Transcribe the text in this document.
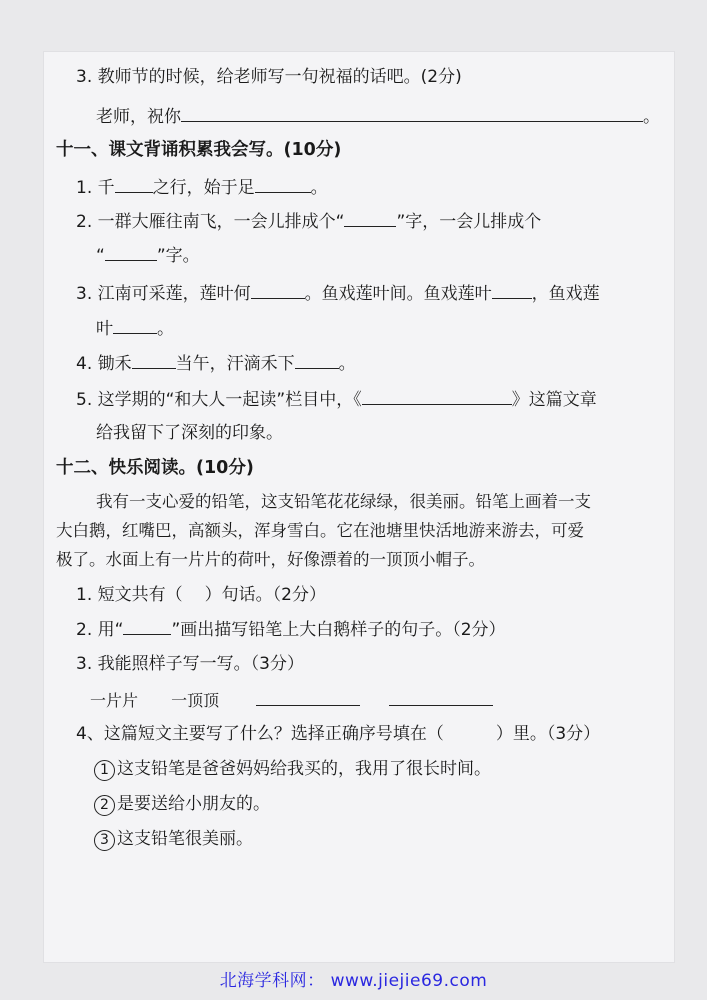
3. 教师节的时候，给老师写一句祝福的话吧。(2分)
老师，祝你	。
十一、课文背诵积累我会写。(10分)
1. 千 之行，始于足	。
2. 一群大雁往南飞，一会儿排成个“	”字，一会儿排成个
“	”字。
3. 江南可采莲，莲叶何	。鱼戏莲叶间。鱼戏莲叶 ，鱼戏莲
叶	。
4. 锄禾	当午，汗滴禾下	。
5. 这学期的“和大人一起读”栏目中，《	》这篇文章
给我留下了深刻的印象。
十二、快乐阅读。(10分)
我有一支心爱的铅笔，这支铅笔花花绿绿，很美丽。铅笔上画着一支
大白鹅，红嘴巴，高额头，浑身雪白。它在池塘里快活地游来游去，可爱
极了。水面上有一片片的荷叶，好像漂着的一顶顶小帽子。
1. 短文共有（ ）句话。（2分）
2. 用“	”画出描写铅笔上大白鹅样子的句子。（2分）
3. 我能照样子写一写。（3分）
一片片 一顶顶
4、这篇短文主要写了什么？选择正确序号填在（	）里。（3分）
1 这支铅笔是爸爸妈妈给我买的，我用了很长时间。
2 是要送给小朋友的。
3 这支铅笔很美丽。
北海学科网： www.jiejie69.com
